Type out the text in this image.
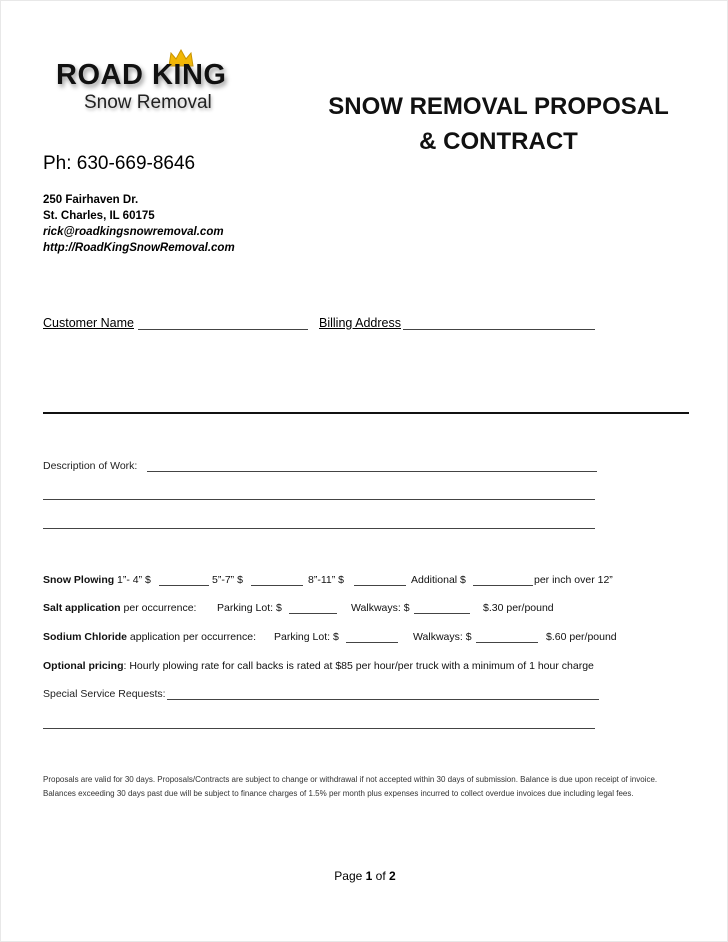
ROAD KING
Snow Removal	SNOW REMOVAL PROPOSAL
& CONTRACT
Ph: 630-669-8646
250 Fairhaven Dr.
St. Charles, IL 60175
rick@roadkingsnowremoval.com
http://RoadKingSnowRemoval.com
Customer Name	Billing Address
Description of Work:
Snow Plowing 1”- 4” $	5”-7” $	8”-11” $	Additional $	per inch over 12”
Salt application per occurrence: Parking Lot: $	Walkways: $	$.30 per/pound
Sodium Chloride application per occurrence: Parking Lot: $	Walkways: $	$.60 per/pound
Optional pricing: Hourly plowing rate for call backs is rated at $85 per hour/per truck with a minimum of 1 hour charge
Special Service Requests:
Proposals are valid for 30 days. Proposals/Contracts are subject to change or withdrawal if not accepted within 30 days of submission. Balance is due upon receipt of invoice. Balances exceeding 30 days past due will be subject to finance charges of 1.5% per month plus expenses incurred to collect overdue invoices due including legal fees.
Page 1 of 2
